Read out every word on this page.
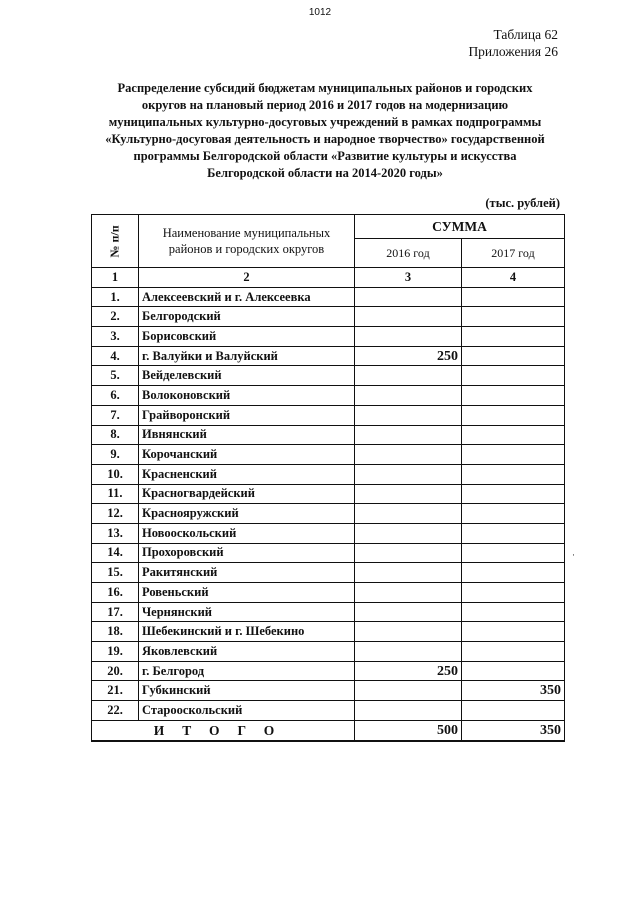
1012
Таблица 62
Приложения 26
Распределение субсидий бюджетам муниципальных районов и городских
округов на плановый период 2016 и 2017 годов на модернизацию
муниципальных культурно-досуговых учреждений в рамках подпрограммы
«Культурно-досуговая деятельность и народное творчество» государственной
программы Белгородской области «Развитие культуры и искусства
Белгородской области на 2014-2020 годы»
(тыс. рублей)
№ п/п	Наименование муниципальных районов и городских округов	СУММА	
		2016 год	2017 год
1	2	3	4
1.	Алексеевский и г. Алексеевка		
2.	Белгородский		
3.	Борисовский		
4.	г. Валуйки и Валуйский	250	
5.	Вейделевский		
6.	Волоконовский		
7.	Грайворонский		
8.	Ивнянский		
9.	Корочанский		
10.	Красненский		
11.	Красногвардейский		
12.	Краснояружский		
13.	Новооскольский		
14.	Прохоровский		
15.	Ракитянский		
16.	Ровеньский		
17.	Чернянский		
18.	Шебекинский и г. Шебекино		
19.	Яковлевский		
20.	г. Белгород	250	
21.	Губкинский		350
22.	Старооскольский		
ИТОГО		500	350
·
